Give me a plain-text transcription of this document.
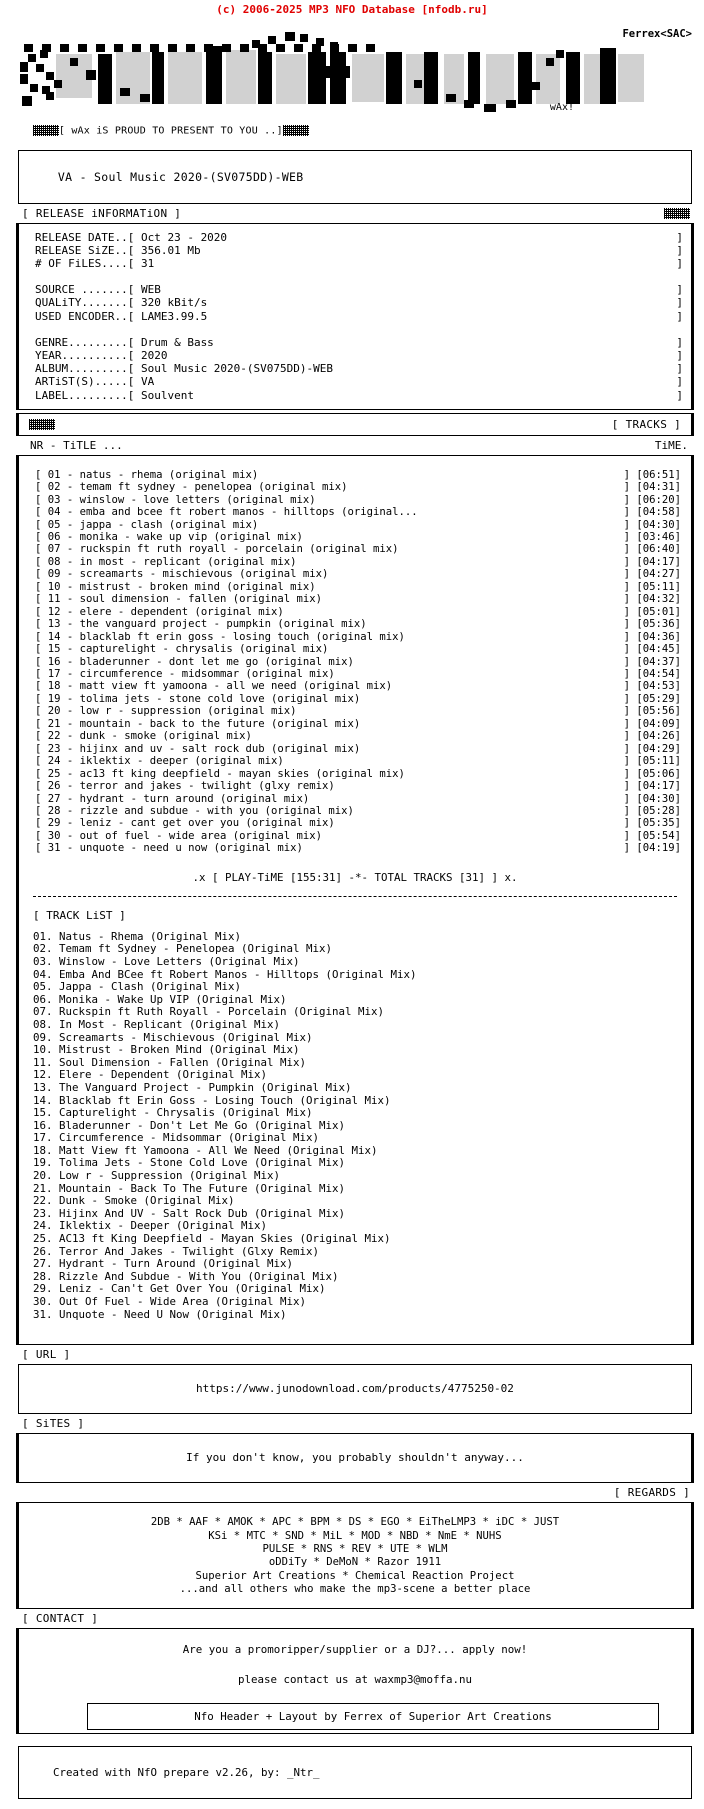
(c) 2006-2025 MP3 NFO Database [nfodb.ru]
Ferrex<SAC>
wAx!

[ wAx iS PROUD TO PRESENT TO YOU ..]

VA - Soul Music 2020-(SV075DD)-WEB

[ RELEASE iNFORMATiON ]
RELEASE DATE..[ Oct 23 - 2020	]
RELEASE SiZE..[ 356.01 Mb	]
# OF FiLES....[ 31	]
SOURCE .......[ WEB	]
QUALiTY.......[ 320 kBit/s	]
USED ENCODER..[ LAME3.99.5	]
GENRE.........[ Drum & Bass	]
YEAR..........[ 2020	]
ALBUM.........[ Soul Music 2020-(SV075DD)-WEB	]
ARTiST(S).....[ VA	]
LABEL.........[ Soulvent	]
[ TRACKS ]
NR - TiTLE ...	TiME.
[ 01 - natus - rhema (original mix)	] [06:51]
[ 02 - temam ft sydney - penelopea (original mix)	] [04:31]
[ 03 - winslow - love letters (original mix)	] [06:20]
[ 04 - emba and bcee ft robert manos - hilltops (original...	] [04:58]
[ 05 - jappa - clash (original mix)	] [04:30]
[ 06 - monika - wake up vip (original mix)	] [03:46]
[ 07 - ruckspin ft ruth royall - porcelain (original mix)	] [06:40]
[ 08 - in most - replicant (original mix)	] [04:17]
[ 09 - screamarts - mischievous (original mix)	] [04:27]
[ 10 - mistrust - broken mind (original mix)	] [05:11]
[ 11 - soul dimension - fallen (original mix)	] [04:32]
[ 12 - elere - dependent (original mix)	] [05:01]
[ 13 - the vanguard project - pumpkin (original mix)	] [05:36]
[ 14 - blacklab ft erin goss - losing touch (original mix)	] [04:36]
[ 15 - capturelight - chrysalis (original mix)	] [04:45]
[ 16 - bladerunner - dont let me go (original mix)	] [04:37]
[ 17 - circumference - midsommar (original mix)	] [04:54]
[ 18 - matt view ft yamoona - all we need (original mix)	] [04:53]
[ 19 - tolima jets - stone cold love (original mix)	] [05:29]
[ 20 - low r - suppression (original mix)	] [05:56]
[ 21 - mountain - back to the future (original mix)	] [04:09]
[ 22 - dunk - smoke (original mix)	] [04:26]
[ 23 - hijinx and uv - salt rock dub (original mix)	] [04:29]
[ 24 - iklektix - deeper (original mix)	] [05:11]
[ 25 - ac13 ft king deepfield - mayan skies (original mix)	] [05:06]
[ 26 - terror and jakes - twilight (glxy remix)	] [04:17]
[ 27 - hydrant - turn around (original mix)	] [04:30]
[ 28 - rizzle and subdue - with you (original mix)	] [05:28]
[ 29 - leniz - cant get over you (original mix)	] [05:35]
[ 30 - out of fuel - wide area (original mix)	] [05:54]
[ 31 - unquote - need u now (original mix)	] [04:19]
.x [ PLAY-TiME [155:31] -*- TOTAL TRACKS [31] ] x.
[ TRACK LiST ]
01. Natus - Rhema (Original Mix)
02. Temam ft Sydney - Penelopea (Original Mix)
03. Winslow - Love Letters (Original Mix)
04. Emba And BCee ft Robert Manos - Hilltops (Original Mix)
05. Jappa - Clash (Original Mix)
06. Monika - Wake Up VIP (Original Mix)
07. Ruckspin ft Ruth Royall - Porcelain (Original Mix)
08. In Most - Replicant (Original Mix)
09. Screamarts - Mischievous (Original Mix)
10. Mistrust - Broken Mind (Original Mix)
11. Soul Dimension - Fallen (Original Mix)
12. Elere - Dependent (Original Mix)
13. The Vanguard Project - Pumpkin (Original Mix)
14. Blacklab ft Erin Goss - Losing Touch (Original Mix)
15. Capturelight - Chrysalis (Original Mix)
16. Bladerunner - Don't Let Me Go (Original Mix)
17. Circumference - Midsommar (Original Mix)
18. Matt View ft Yamoona - All We Need (Original Mix)
19. Tolima Jets - Stone Cold Love (Original Mix)
20. Low r - Suppression (Original Mix)
21. Mountain - Back To The Future (Original Mix)
22. Dunk - Smoke (Original Mix)
23. Hijinx And UV - Salt Rock Dub (Original Mix)
24. Iklektix - Deeper (Original Mix)
25. AC13 ft King Deepfield - Mayan Skies (Original Mix)
26. Terror And Jakes - Twilight (Glxy Remix)
27. Hydrant - Turn Around (Original Mix)
28. Rizzle And Subdue - With You (Original Mix)
29. Leniz - Can't Get Over You (Original Mix)
30. Out Of Fuel - Wide Area (Original Mix)
31. Unquote - Need U Now (Original Mix)
[ URL ]
https://www.junodownload.com/products/4775250-02
[ SiTES ]
If you don't know, you probably shouldn't anyway...
[ REGARDS ]
2DB * AAF * AMOK * APC * BPM * DS * EGO * EiTheLMP3 * iDC * JUST
KSi * MTC * SND * MiL * MOD * NBD * NmE * NUHS
PULSE * RNS * REV * UTE * WLM
oDDiTy * DeMoN * Razor 1911
Superior Art Creations * Chemical Reaction Project
...and all others who make the mp3-scene a better place
[ CONTACT ]
Are you a promoripper/supplier or a DJ?... apply now!

please contact us at waxmp3@moffa.nu
Nfo Header + Layout by Ferrex of Superior Art Creations

Created with NfO prepare v2.26, by: _Ntr_
